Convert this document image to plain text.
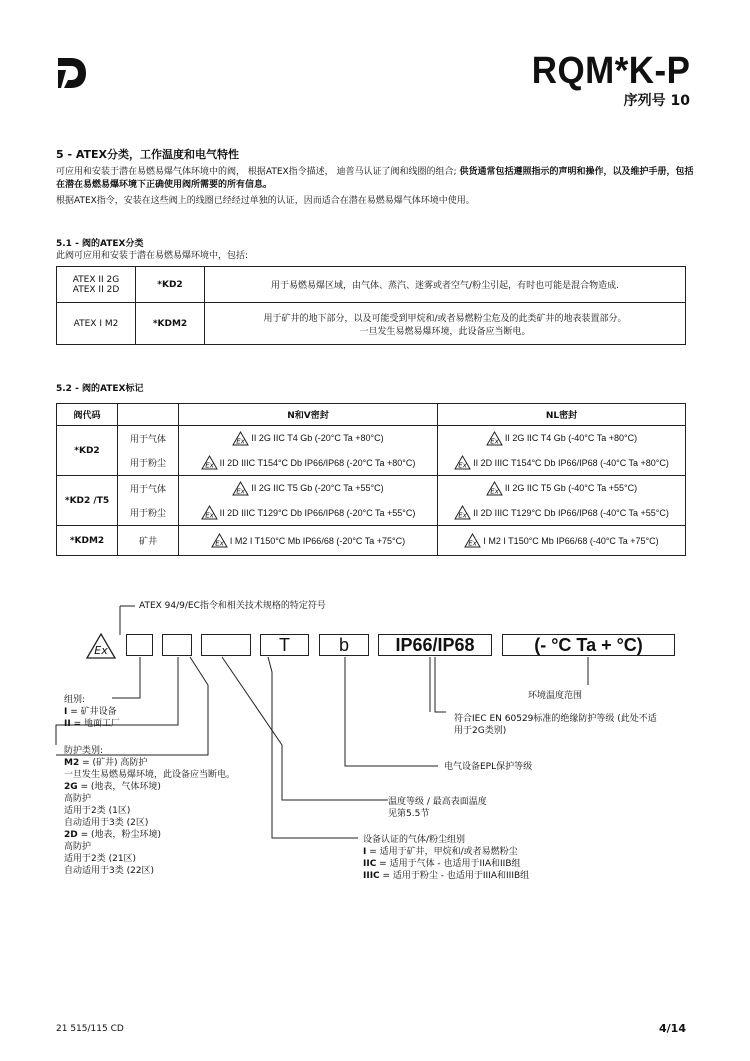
RQM*K-P
序列号 10
5 - ATEX分类，工作温度和电气特性
可应用和安装于潜在易燃易爆气体环境中的阀， 根据ATEX指令描述， 迪普马认证了阀和线圈的组合; 供货通常包括遵照指示的声明和操作，以及维护手册，包括在潜在易燃易爆环境下正确使用阀所需要的所有信息。
根据ATEX指令，安装在这些阀上的线圈已经经过单独的认证，因而适合在潜在易燃易爆气体环境中使用。
5.1 - 阀的ATEX分类
此阀可应用和安装于潜在易燃易爆环境中，包括:
ATEX II 2G
ATEX II 2D	*KD2	用于易燃易爆区域，由气体、蒸汽、迷雾或者空气/粉尘引起，有时也可能是混合物造成.
ATEX I M2	*KDM2	用于矿井的地下部分，以及可能受到甲烷和/或者易燃粉尘危及的此类矿井的地表装置部分。
一旦发生易燃易爆环境，此设备应当断电。
5.2 - 阀的ATEX标记
阀代码		N和V密封	NL密封
*KD2	用于气体	Ex II 2G IIC T4 Gb (-20°C Ta +80°C)	Ex II 2G IIC T4 Gb (-40°C Ta +80°C)

	用于粉尘	Ex II 2D IIIC T154°C Db IP66/IP68 (-20°C Ta +80°C)	Ex II 2D IIIC T154°C Db IP66/IP68 (-40°C Ta +80°C)

*KD2 /T5	用于气体	Ex II 2G IIC T5 Gb (-20°C Ta +55°C)	Ex II 2G IIC T5 Gb (-40°C Ta +55°C)

	用于粉尘	Ex II 2D IIIC T129°C Db IP66/IP68 (-20°C Ta +55°C)	Ex II 2D IIIC T129°C Db IP66/IP68 (-40°C Ta +55°C)

*KDM2	矿井	Ex I M2 I T150°C Mb IP66/68 (-20°C Ta +75°C)	Ex I M2 I T150°C Mb IP66/68 (-40°C Ta +75°C)
Ex
ATEX 94/9/EC指令和相关技术规格的特定符号
T	b	IP66/IP68	(- °C Ta + °C)
环境温度范围
符合IEC EN 60529标准的绝缘防护等级 (此处不适
用于2G类别)
电气设备EPL保护等级
温度等级 / 最高表面温度
见第5.5节
设备认证的气体/粉尘组别
I = 适用于矿井，甲烷和/或者易燃粉尘
IIC = 适用于气体 - 也适用于IIA和IIB组
IIIC = 适用于粉尘 - 也适用于IIIA和IIIB组
组别:
I = 矿井设备
II = 地面工厂
防护类别:
M2 = (矿井) 高防护
一旦发生易燃易爆环境，此设备应当断电。
2G = (地表，气体环境)
高防护
适用于2类 (1区)
自动适用于3类 (2区)
2D = (地表，粉尘环境)
高防护
适用于2类 (21区)
自动适用于3类 (22区)
21 515/115 CD	4/14
